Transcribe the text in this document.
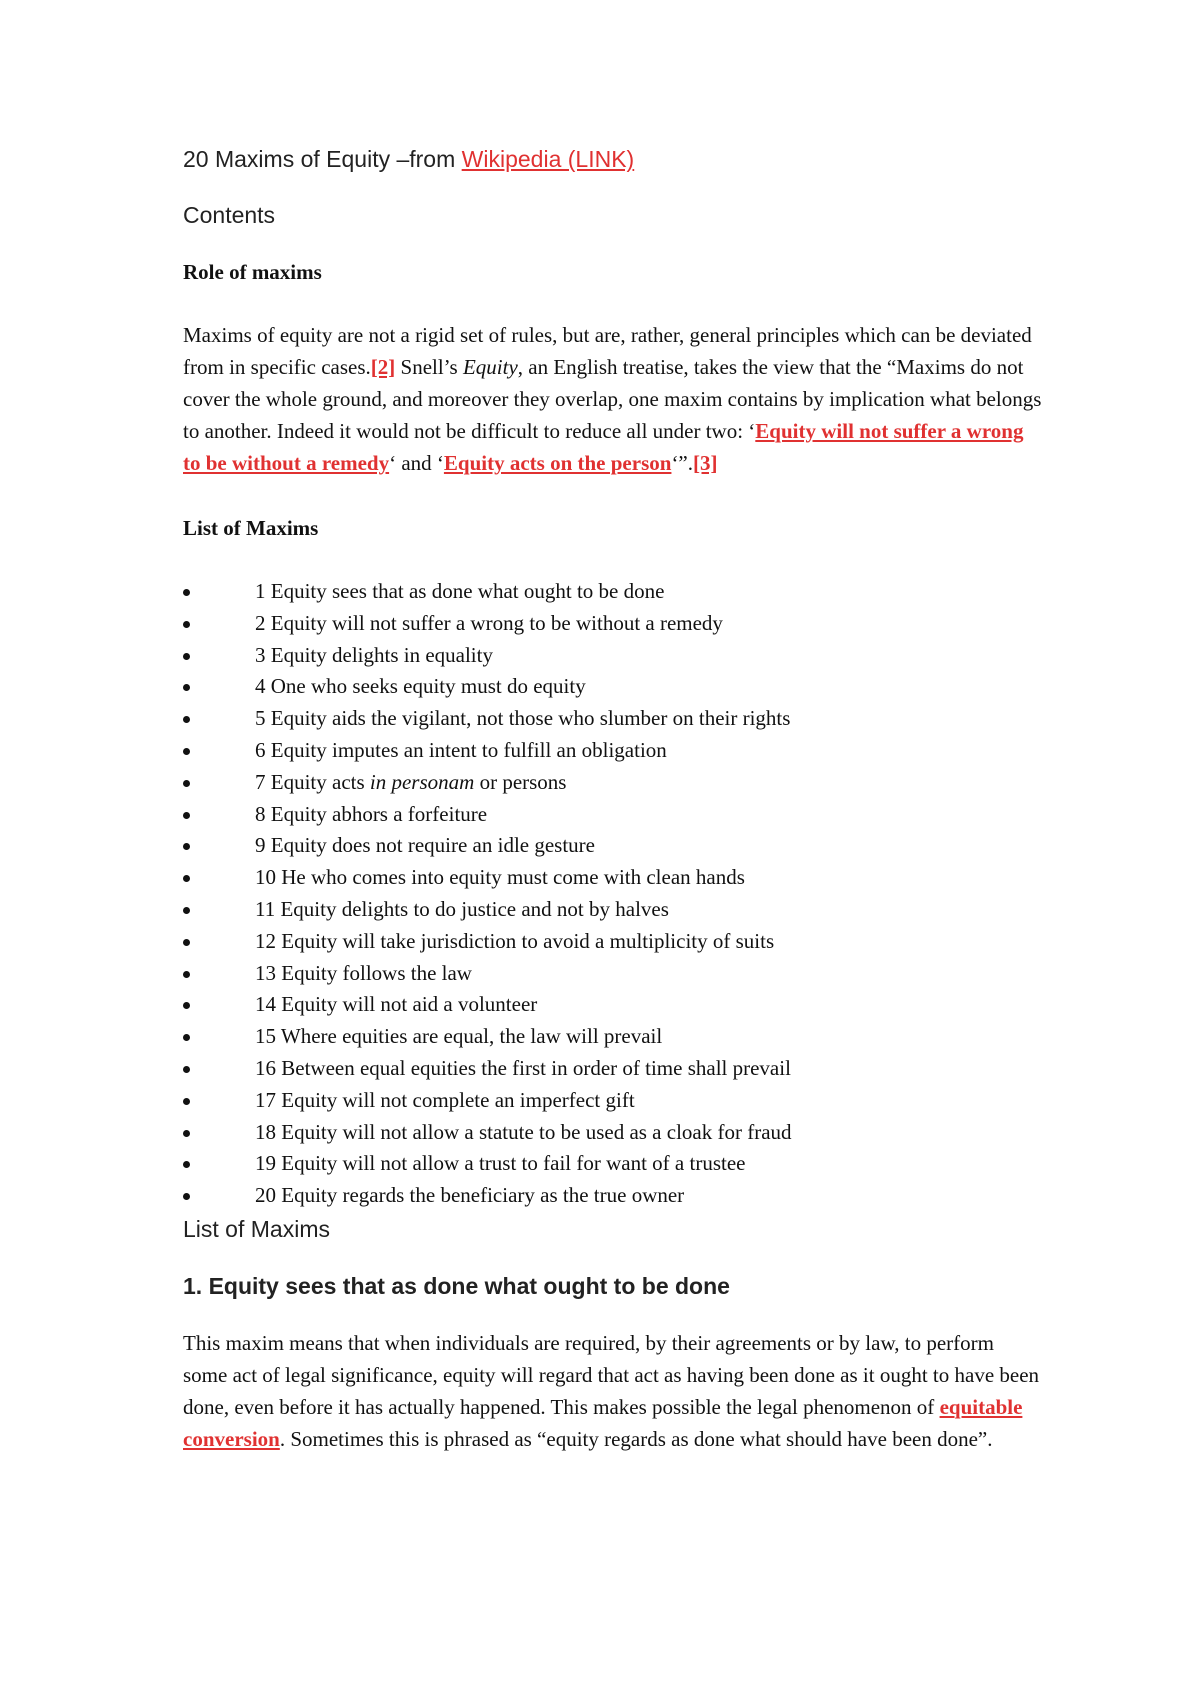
20 Maxims of Equity –from Wikipedia (LINK)
Contents
Role of maxims

Maxims of equity are not a rigid set of rules, but are, rather, general principles which can be deviated from in specific cases.[2] Snell’s Equity, an English treatise, takes the view that the “Maxims do not cover the whole ground, and moreover they overlap, one maxim contains by implication what belongs to another. Indeed it would not be difficult to reduce all under two: ‘Equity will not suffer a wrong to be without a remedy‘ and ‘Equity acts on the person‘”.[3]

List of Maxims
1 Equity sees that as done what ought to be done
2 Equity will not suffer a wrong to be without a remedy
3 Equity delights in equality
4 One who seeks equity must do equity
5 Equity aids the vigilant, not those who slumber on their rights
6 Equity imputes an intent to fulfill an obligation
7 Equity acts in personam or persons
8 Equity abhors a forfeiture
9 Equity does not require an idle gesture
10 He who comes into equity must come with clean hands
11 Equity delights to do justice and not by halves
12 Equity will take jurisdiction to avoid a multiplicity of suits
13 Equity follows the law
14 Equity will not aid a volunteer
15 Where equities are equal, the law will prevail
16 Between equal equities the first in order of time shall prevail
17 Equity will not complete an imperfect gift
18 Equity will not allow a statute to be used as a cloak for fraud
19 Equity will not allow a trust to fail for want of a trustee
20 Equity regards the beneficiary as the true owner
List of Maxims
1. Equity sees that as done what ought to be done

This maxim means that when individuals are required, by their agreements or by law, to perform some act of legal significance, equity will regard that act as having been done as it ought to have been done, even before it has actually happened. This makes possible the legal phenomenon of equitable conversion. Sometimes this is phrased as “equity regards as done what should have been done”.
